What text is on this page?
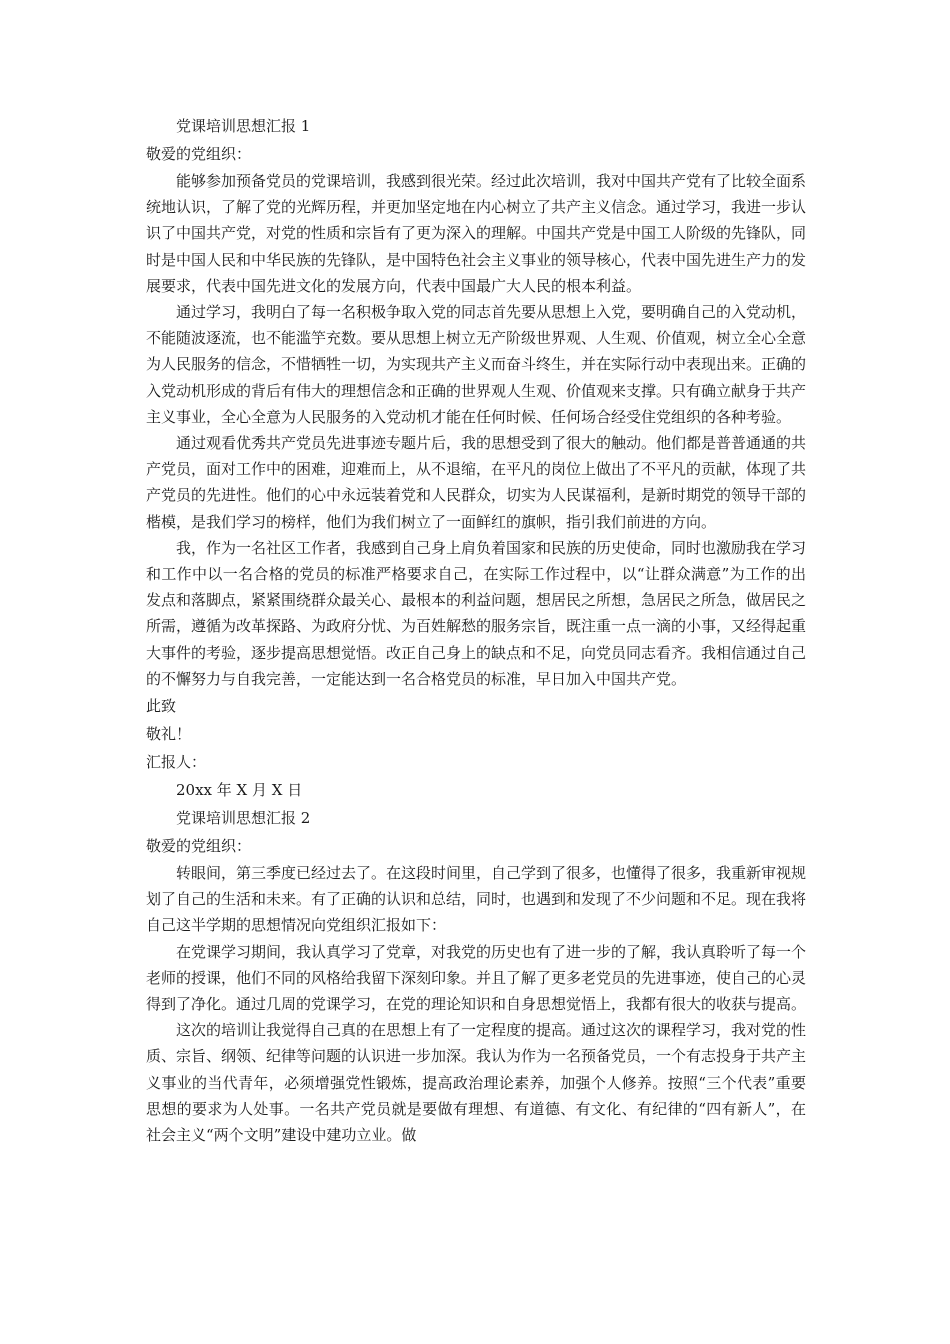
党课培训思想汇报 1
敬爱的党组织：

能够参加预备党员的党课培训，我感到很光荣。经过此次培训，我对中国共产党有了比较全面系统地认识，了解了党的光辉历程，并更加坚定地在内心树立了共产主义信念。通过学习，我进一步认识了中国共产党，对党的性质和宗旨有了更为深入的理解。中国共产党是中国工人阶级的先锋队，同时是中国人民和中华民族的先锋队，是中国特色社会主义事业的领导核心，代表中国先进生产力的发展要求，代表中国先进文化的发展方向，代表中国最广大人民的根本利益。

通过学习，我明白了每一名积极争取入党的同志首先要从思想上入党，要明确自己的入党动机，不能随波逐流，也不能滥竽充数。要从思想上树立无产阶级世界观、人生观、价值观，树立全心全意为人民服务的信念，不惜牺牲一切，为实现共产主义而奋斗终生，并在实际行动中表现出来。正确的入党动机形成的背后有伟大的理想信念和正确的世界观人生观、价值观来支撑。只有确立献身于共产主义事业，全心全意为人民服务的入党动机才能在任何时候、任何场合经受住党组织的各种考验。

通过观看优秀共产党员先进事迹专题片后，我的思想受到了很大的触动。他们都是普普通通的共产党员，面对工作中的困难，迎难而上，从不退缩，在平凡的岗位上做出了不平凡的贡献，体现了共产党员的先进性。他们的心中永远装着党和人民群众，切实为人民谋福利，是新时期党的领导干部的楷模，是我们学习的榜样，他们为我们树立了一面鲜红的旗帜，指引我们前进的方向。

我，作为一名社区工作者，我感到自己身上肩负着国家和民族的历史使命，同时也激励我在学习和工作中以一名合格的党员的标准严格要求自己，在实际工作过程中，以“让群众满意”为工作的出发点和落脚点，紧紧围绕群众最关心、最根本的利益问题，想居民之所想，急居民之所急，做居民之所需，遵循为改革探路、为政府分忧、为百姓解愁的服务宗旨，既注重一点一滴的小事，又经得起重大事件的考验，逐步提高思想觉悟。改正自己身上的缺点和不足，向党员同志看齐。我相信通过自己的不懈努力与自我完善，一定能达到一名合格党员的标准，早日加入中国共产党。

此致
敬礼！
汇报人：
20xx 年 X 月 X 日
党课培训思想汇报 2
敬爱的党组织：

转眼间，第三季度已经过去了。在这段时间里，自己学到了很多，也懂得了很多，我重新审视规划了自己的生活和未来。有了正确的认识和总结，同时，也遇到和发现了不少问题和不足。现在我将自己这半学期的思想情况向党组织汇报如下：

在党课学习期间，我认真学习了党章，对我党的历史也有了进一步的了解，我认真聆听了每一个老师的授课，他们不同的风格给我留下深刻印象。并且了解了更多老党员的先进事迹，使自己的心灵得到了净化。通过几周的党课学习，在党的理论知识和自身思想觉悟上，我都有很大的收获与提高。

这次的培训让我觉得自己真的在思想上有了一定程度的提高。通过这次的课程学习，我对党的性质、宗旨、纲领、纪律等问题的认识进一步加深。我认为作为一名预备党员，一个有志投身于共产主义事业的当代青年，必须增强党性锻炼，提高政治理论素养，加强个人修养。按照“三个代表”重要思想的要求为人处事。一名共产党员就是要做有理想、有道德、有文化、有纪律的“四有新人”，在社会主义“两个文明”建设中建功立业。做
